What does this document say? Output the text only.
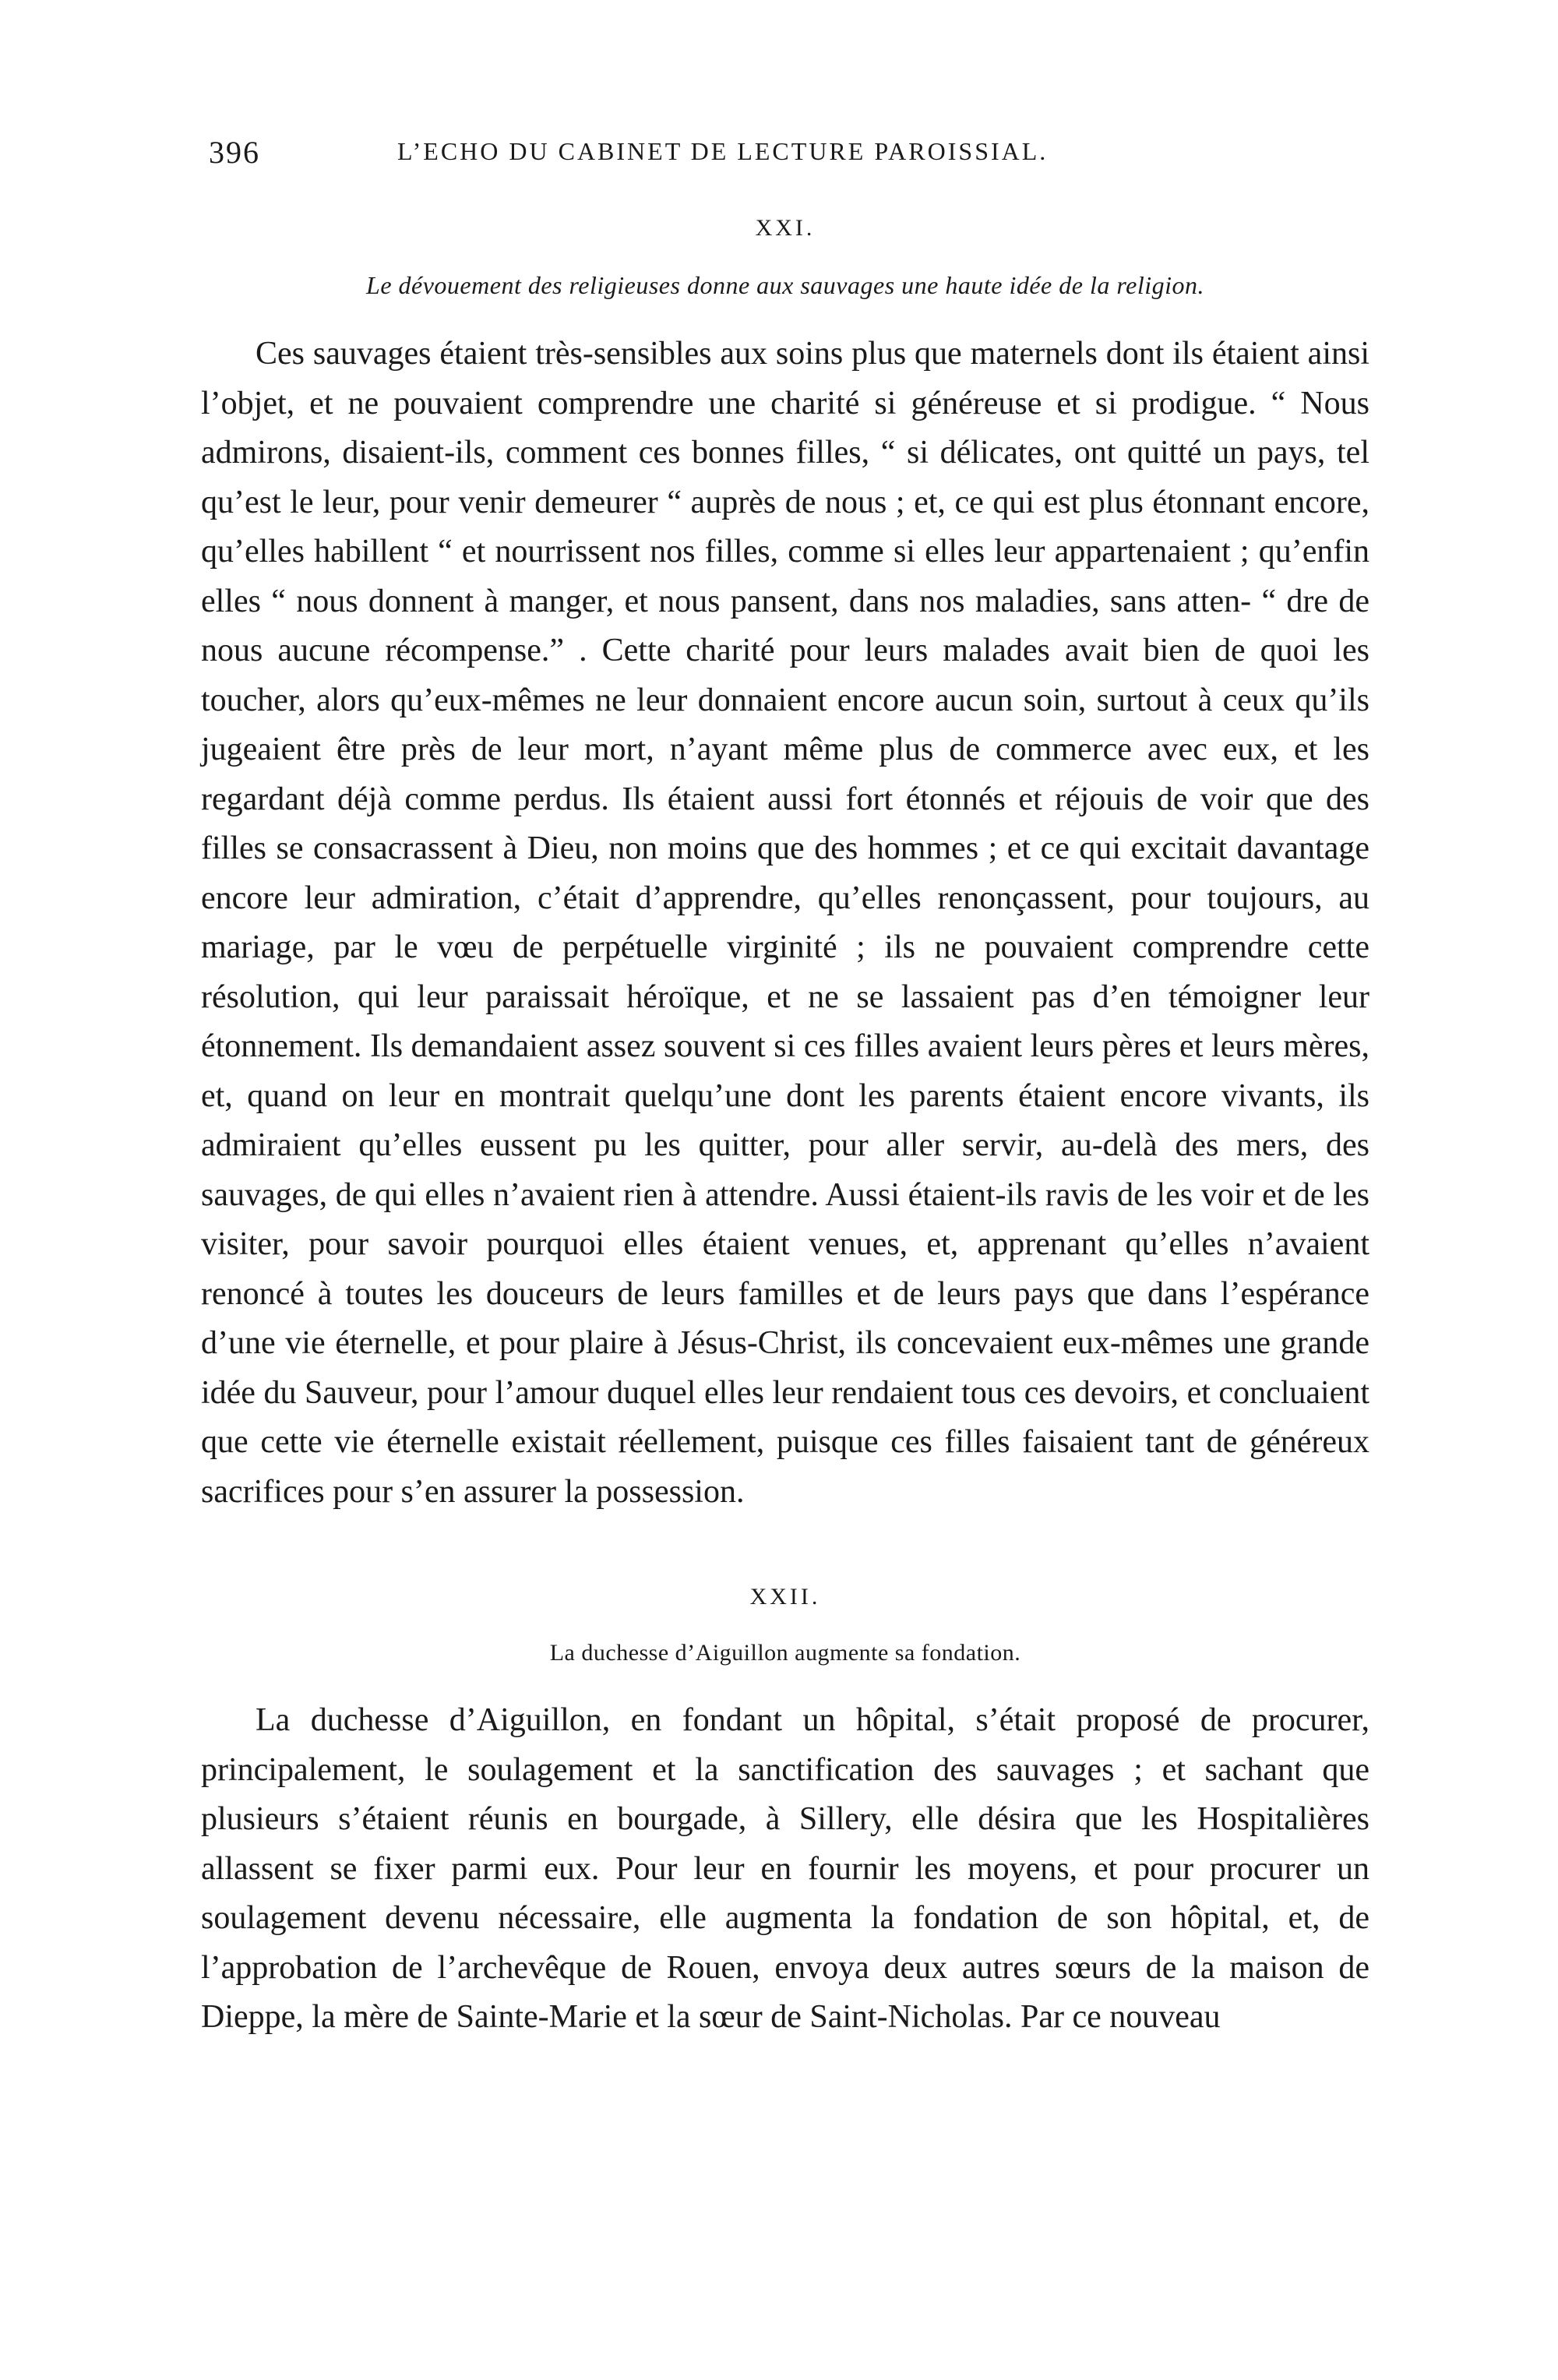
396	L’ECHO DU CABINET DE LECTURE PAROISSIAL.
XXI.
Le dévouement des religieuses donne aux sauvages une haute idée de la religion.

Ces sauvages étaient très-sensibles aux soins plus que maternels dont ils étaient ainsi l’objet, et ne pouvaient comprendre une charité si généreuse et si prodigue. “ Nous admirons, disaient-ils, comment ces bonnes filles, “ si délicates, ont quitté un pays, tel qu’est le leur, pour venir demeurer “ auprès de nous ; et, ce qui est plus étonnant encore, qu’elles habillent “ et nourrissent nos filles, comme si elles leur appartenaient ; qu’enfin elles “ nous donnent à manger, et nous pansent, dans nos maladies, sans atten- “ dre de nous aucune récompense.” . Cette charité pour leurs malades avait bien de quoi les toucher, alors qu’eux-mêmes ne leur donnaient encore aucun soin, surtout à ceux qu’ils jugeaient être près de leur mort, n’ayant même plus de commerce avec eux, et les regardant déjà comme perdus. Ils étaient aussi fort étonnés et réjouis de voir que des filles se consacrassent à Dieu, non moins que des hommes ; et ce qui excitait davantage encore leur admiration, c’était d’apprendre, qu’elles renonçassent, pour toujours, au mariage, par le vœu de perpétuelle virginité ; ils ne pouvaient comprendre cette résolution, qui leur paraissait héroïque, et ne se lassaient pas d’en témoigner leur étonnement. Ils demandaient assez souvent si ces filles avaient leurs pères et leurs mères, et, quand on leur en montrait quelqu’une dont les parents étaient encore vivants, ils admiraient qu’elles eussent pu les quitter, pour aller servir, au-delà des mers, des sauvages, de qui elles n’avaient rien à attendre. Aussi étaient-ils ravis de les voir et de les visiter, pour savoir pourquoi elles étaient venues, et, apprenant qu’elles n’avaient renoncé à toutes les douceurs de leurs familles et de leurs pays que dans l’espérance d’une vie éternelle, et pour plaire à Jésus-Christ, ils concevaient eux-mêmes une grande idée du Sauveur, pour l’amour duquel elles leur rendaient tous ces devoirs, et concluaient que cette vie éternelle existait réellement, puisque ces filles faisaient tant de généreux sacrifices pour s’en assurer la possession.

XXII.
La duchesse d’Aiguillon augmente sa fondation.

La duchesse d’Aiguillon, en fondant un hôpital, s’était proposé de procurer, principalement, le soulagement et la sanctification des sauvages ; et sachant que plusieurs s’étaient réunis en bourgade, à Sillery, elle désira que les Hospitalières allassent se fixer parmi eux. Pour leur en fournir les moyens, et pour procurer un soulagement devenu nécessaire, elle augmenta la fondation de son hôpital, et, de l’approbation de l’archevêque de Rouen, envoya deux autres sœurs de la maison de Dieppe, la mère de Sainte-Marie et la sœur de Saint-Nicholas. Par ce nouveau
